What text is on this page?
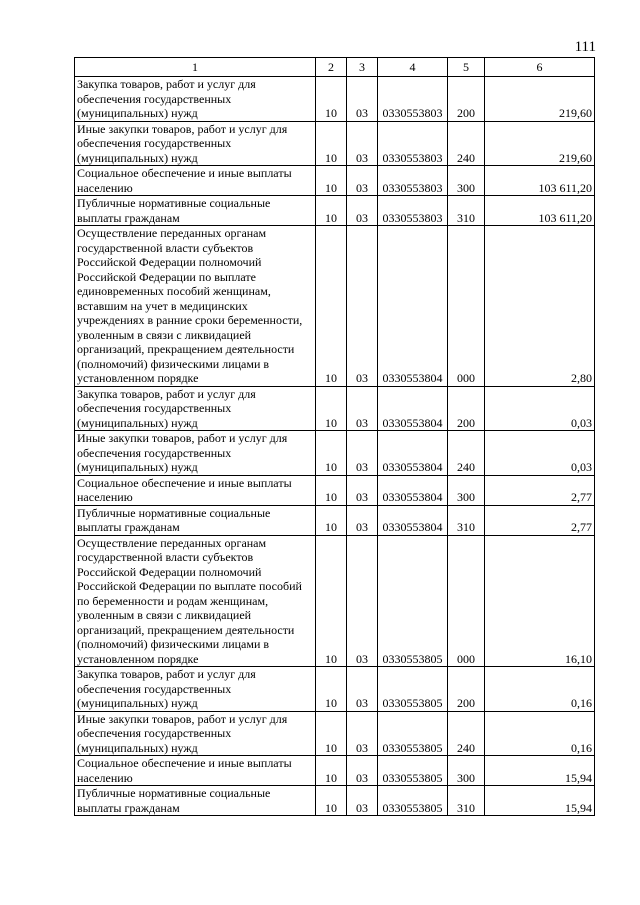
111
1	2	3	4	5	6
Закупка товаров, работ и услуг для обеспечения государственных (муниципальных) нужд	10	03	0330553803	200	219,60
Иные закупки товаров, работ и услуг для обеспечения государственных (муниципальных) нужд	10	03	0330553803	240	219,60
Социальное обеспечение и иные выплаты населению	10	03	0330553803	300	103 611,20
Публичные нормативные социальные выплаты гражданам	10	03	0330553803	310	103 611,20
Осуществление переданных органам государственной власти субъектов Российской Федерации полномочий Российской Федерации по выплате единовременных пособий женщинам, вставшим на учет в медицинских учреждениях в ранние сроки беременности, уволенным в связи с ликвидацией организаций, прекращением деятельности (полномочий) физическими лицами в установленном порядке	10	03	0330553804	000	2,80
Закупка товаров, работ и услуг для обеспечения государственных (муниципальных) нужд	10	03	0330553804	200	0,03
Иные закупки товаров, работ и услуг для обеспечения государственных (муниципальных) нужд	10	03	0330553804	240	0,03
Социальное обеспечение и иные выплаты населению	10	03	0330553804	300	2,77
Публичные нормативные социальные выплаты гражданам	10	03	0330553804	310	2,77
Осуществление переданных органам государственной власти субъектов Российской Федерации полномочий Российской Федерации по выплате пособий по беременности и родам женщинам, уволенным в связи с ликвидацией организаций, прекращением деятельности (полномочий) физическими лицами в установленном порядке	10	03	0330553805	000	16,10
Закупка товаров, работ и услуг для обеспечения государственных (муниципальных) нужд	10	03	0330553805	200	0,16
Иные закупки товаров, работ и услуг для обеспечения государственных (муниципальных) нужд	10	03	0330553805	240	0,16
Социальное обеспечение и иные выплаты населению	10	03	0330553805	300	15,94
Публичные нормативные социальные выплаты гражданам	10	03	0330553805	310	15,94
